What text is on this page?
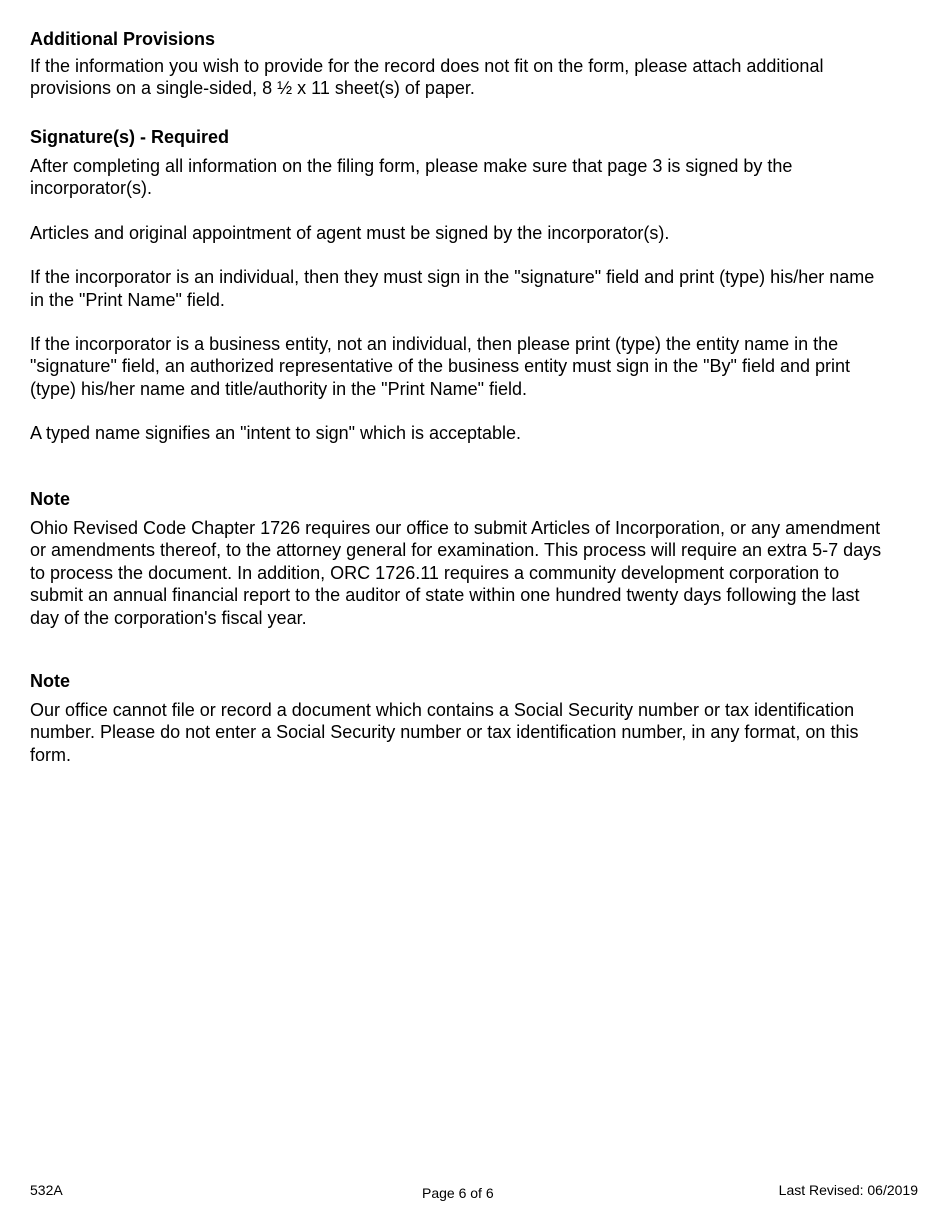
Additional Provisions

If the information you wish to provide for the record does not fit on the form, please attach additional provisions on a single-sided, 8 ½ x 11 sheet(s) of paper.

Signature(s) - Required

After completing all information on the filing form, please make sure that page 3 is signed by the incorporator(s).

Articles and original appointment of agent must be signed by the incorporator(s).

If the incorporator is an individual, then they must sign in the "signature" field and print (type) his/her name in the "Print Name" field.

If the incorporator is a business entity, not an individual, then please print (type) the entity name in the "signature" field, an authorized representative of the business entity must sign in the "By" field and print (type) his/her name and title/authority in the "Print Name" field.

A typed name signifies an "intent to sign" which is acceptable.

Note

Ohio Revised Code Chapter 1726 requires our office to submit Articles of Incorporation, or any amendment or amendments thereof, to the attorney general for examination. This process will require an extra 5-7 days to process the document. In addition, ORC 1726.11 requires a community development corporation to submit an annual financial report to the auditor of state within one hundred twenty days following the last day of the corporation's fiscal year.

Note

Our office cannot file or record a document which contains a Social Security number or tax identification number. Please do not enter a Social Security number or tax identification number, in any format, on this form.

532A	Page 6 of 6	Last Revised: 06/2019
